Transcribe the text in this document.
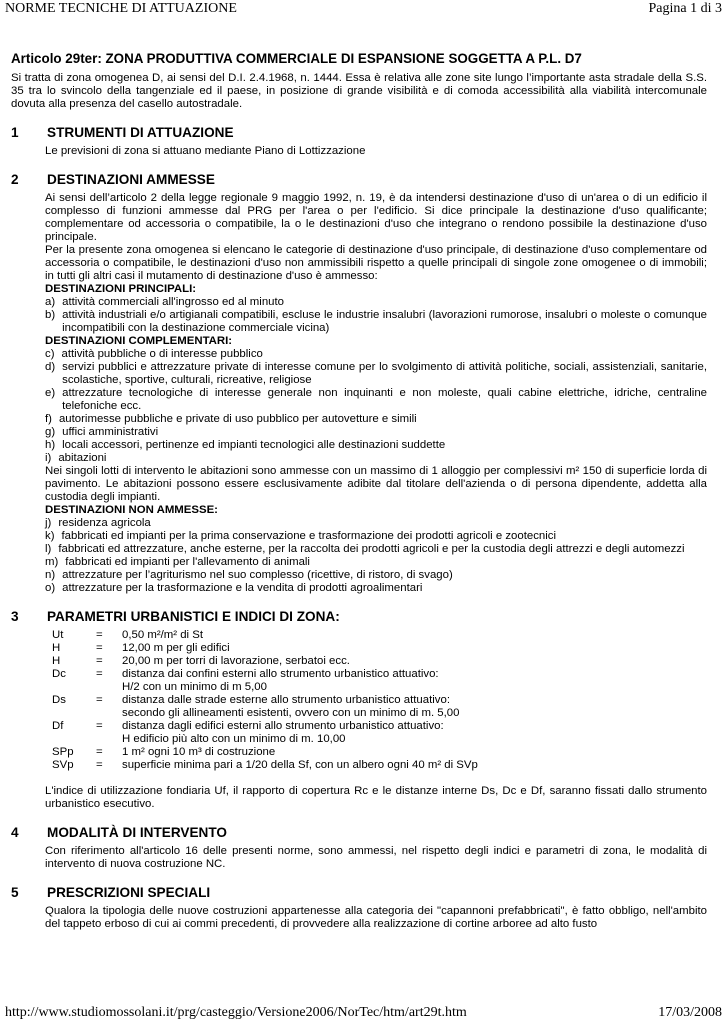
NORME TECNICHE DI ATTUAZIONE	Pagina 1 di 3
Articolo 29ter: ZONA PRODUTTIVA COMMERCIALE DI ESPANSIONE SOGGETTA A P.L. D7

Si tratta di zona omogenea D, ai sensi del D.I. 2.4.1968, n. 1444. Essa è relativa alle zone site lungo l’importante asta stradale della S.S. 35 tra lo svincolo della tangenziale ed il paese, in posizione di grande visibilità e di comoda accessibilità alla viabilità intercomunale dovuta alla presenza del casello autostradale.

1	STRUMENTI DI ATTUAZIONE

Le previsioni di zona si attuano mediante Piano di Lottizzazione

2	DESTINAZIONI AMMESSE

Ai sensi dell’articolo 2 della legge regionale 9 maggio 1992, n. 19, è da intendersi destinazione d'uso di un'area o di un edificio il complesso di funzioni ammesse dal PRG per l'area o per l'edificio. Si dice principale la destinazione d'uso qualificante; complementare od accessoria o compatibile, la o le destinazioni d'uso che integrano o rendono possibile la destinazione d'uso principale.

Per la presente zona omogenea si elencano le categorie di destinazione d'uso principale, di destinazione d'uso complementare od accessoria o compatibile, le destinazioni d'uso non ammissibili rispetto a quelle principali di singole zone omogenee o di immobili; in tutti gli altri casi il mutamento di destinazione d'uso è ammesso:

DESTINAZIONI PRINCIPALI:

a) attività commerciali all'ingrosso ed al minuto
b) attività industriali e/o artigianali compatibili, escluse le industrie insalubri (lavorazioni rumorose, insalubri o moleste o comunque incompatibili con la destinazione commerciale vicina)

DESTINAZIONI COMPLEMENTARI:

c) attività pubbliche o di interesse pubblico
d) servizi pubblici e attrezzature private di interesse comune per lo svolgimento di attività politiche, sociali, assistenziali, sanitarie, scolastiche, sportive, culturali, ricreative, religiose
e) attrezzature tecnologiche di interesse generale non inquinanti e non moleste, quali cabine elettriche, idriche, centraline telefoniche ecc.
f) autorimesse pubbliche e private di uso pubblico per autovetture e simili
g) uffici amministrativi
h) locali accessori, pertinenze ed impianti tecnologici alle destinazioni suddette
i) abitazioni

Nei singoli lotti di intervento le abitazioni sono ammesse con un massimo di 1 alloggio per complessivi m² 150 di superficie lorda di pavimento. Le abitazioni possono essere esclusivamente adibite dal titolare dell'azienda o di persona dipendente, addetta alla custodia degli impianti.

DESTINAZIONI NON AMMESSE:

j) residenza agricola
k) fabbricati ed impianti per la prima conservazione e trasformazione dei prodotti agricoli e zootecnici
l) fabbricati ed attrezzature, anche esterne, per la raccolta dei prodotti agricoli e per la custodia degli attrezzi e degli automezzi
m) fabbricati ed impianti per l'allevamento di animali
n) attrezzature per l’agriturismo nel suo complesso (ricettive, di ristoro, di svago)
o) attrezzature per la trasformazione e la vendita di prodotti agroalimentari
3	PARAMETRI URBANISTICI E INDICI DI ZONA:
Ut	=	0,50 m²/m² di St
H	=	12,00 m per gli edifici
H	=	20,00 m per torri di lavorazione, serbatoi ecc.
Dc	=	distanza dai confini esterni allo strumento urbanistico attuativo:
H/2 con un minimo di m 5,00
Ds	=	distanza dalle strade esterne allo strumento urbanistico attuativo:
secondo gli allineamenti esistenti, ovvero con un minimo di m. 5,00
Df	=	distanza dagli edifici esterni allo strumento urbanistico attuativo:
H edificio più alto con un minimo di m. 10,00
SPp	=	1 m² ogni 10 m³ di costruzione
SVp	=	superficie minima pari a 1/20 della Sf, con un albero ogni 40 m² di SVp

L'indice di utilizzazione fondiaria Uf, il rapporto di copertura Rc e le distanze interne Ds, Dc e Df, saranno fissati dallo strumento urbanistico esecutivo.

4	MODALITÀ DI INTERVENTO

Con riferimento all'articolo 16 delle presenti norme, sono ammessi, nel rispetto degli indici e parametri di zona, le modalità di intervento di nuova costruzione NC.

5	PRESCRIZIONI SPECIALI

Qualora la tipologia delle nuove costruzioni appartenesse alla categoria dei "capannoni prefabbricati", è fatto obbligo, nell'ambito del tappeto erboso di cui ai commi precedenti, di provvedere alla realizzazione di cortine arboree ad alto fusto

http://www.studiomossolani.it/prg/casteggio/Versione2006/NorTec/htm/art29t.htm	17/03/2008
